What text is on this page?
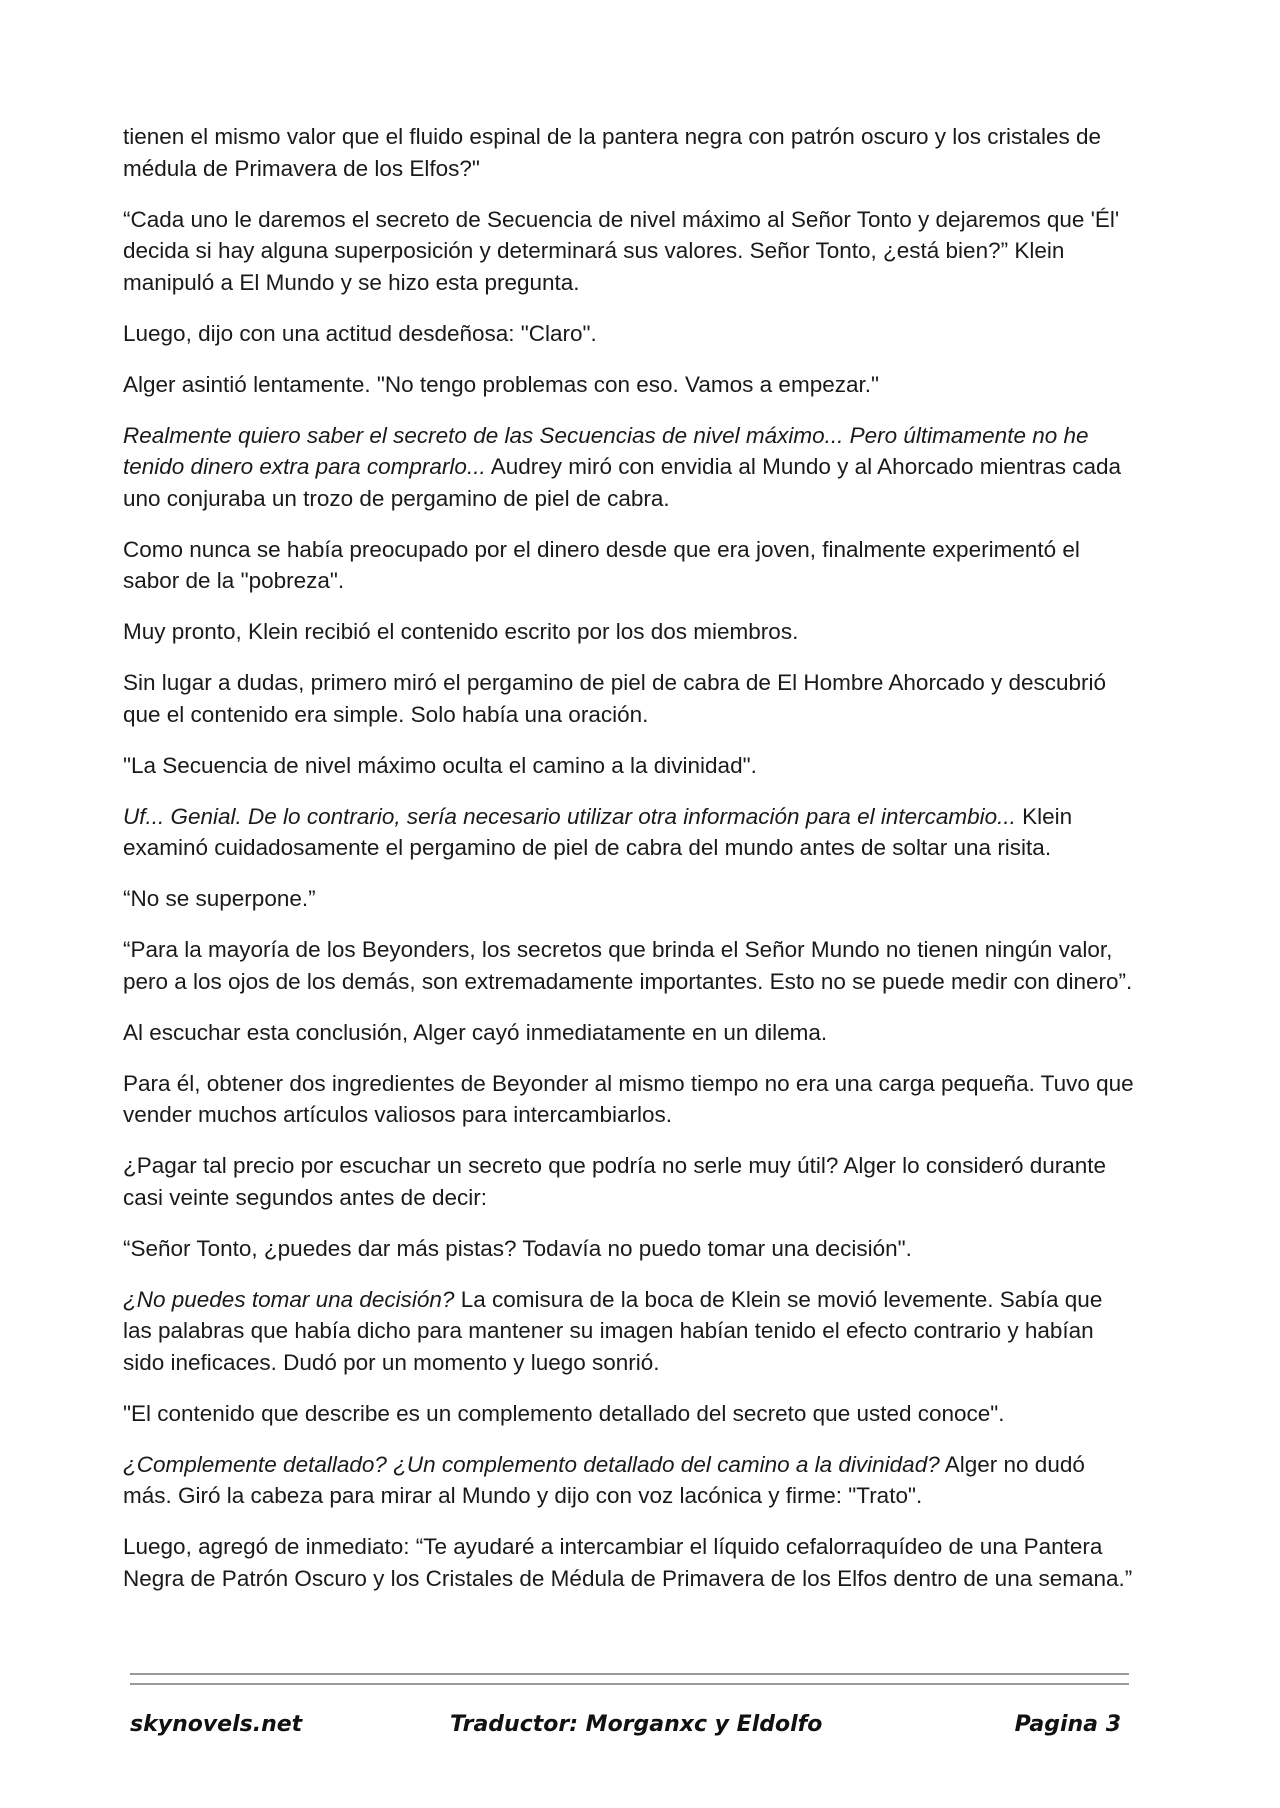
tienen el mismo valor que el fluido espinal de la pantera negra con patrón oscuro y los cristales de médula de Primavera de los Elfos?"

“Cada uno le daremos el secreto de Secuencia de nivel máximo al Señor Tonto y dejaremos que 'Él' decida si hay alguna superposición y determinará sus valores. Señor Tonto, ¿está bien?” Klein manipuló a El Mundo y se hizo esta pregunta.

Luego, dijo con una actitud desdeñosa: "Claro".

Alger asintió lentamente. "No tengo problemas con eso. Vamos a empezar."

Realmente quiero saber el secreto de las Secuencias de nivel máximo... Pero últimamente no he tenido dinero extra para comprarlo... Audrey miró con envidia al Mundo y al Ahorcado mientras cada uno conjuraba un trozo de pergamino de piel de cabra.

Como nunca se había preocupado por el dinero desde que era joven, finalmente experimentó el sabor de la "pobreza".

Muy pronto, Klein recibió el contenido escrito por los dos miembros.

Sin lugar a dudas, primero miró el pergamino de piel de cabra de El Hombre Ahorcado y descubrió que el contenido era simple. Solo había una oración.

"La Secuencia de nivel máximo oculta el camino a la divinidad".

Uf... Genial. De lo contrario, sería necesario utilizar otra información para el intercambio... Klein examinó cuidadosamente el pergamino de piel de cabra del mundo antes de soltar una risita.

“No se superpone.”

“Para la mayoría de los Beyonders, los secretos que brinda el Señor Mundo no tienen ningún valor, pero a los ojos de los demás, son extremadamente importantes. Esto no se puede medir con dinero”.

Al escuchar esta conclusión, Alger cayó inmediatamente en un dilema.

Para él, obtener dos ingredientes de Beyonder al mismo tiempo no era una carga pequeña. Tuvo que vender muchos artículos valiosos para intercambiarlos.

¿Pagar tal precio por escuchar un secreto que podría no serle muy útil? Alger lo consideró durante casi veinte segundos antes de decir:

“Señor Tonto, ¿puedes dar más pistas? Todavía no puedo tomar una decisión".

¿No puedes tomar una decisión? La comisura de la boca de Klein se movió levemente. Sabía que las palabras que había dicho para mantener su imagen habían tenido el efecto contrario y habían sido ineficaces. Dudó por un momento y luego sonrió.

"El contenido que describe es un complemento detallado del secreto que usted conoce".

¿Complemente detallado? ¿Un complemento detallado del camino a la divinidad? Alger no dudó más. Giró la cabeza para mirar al Mundo y dijo con voz lacónica y firme: "Trato".

Luego, agregó de inmediato: “Te ayudaré a intercambiar el líquido cefalorraquídeo de una Pantera Negra de Patrón Oscuro y los Cristales de Médula de Primavera de los Elfos dentro de una semana.”

skynovels.net	Traductor: Morganxc y Eldolfo	Pagina 3
